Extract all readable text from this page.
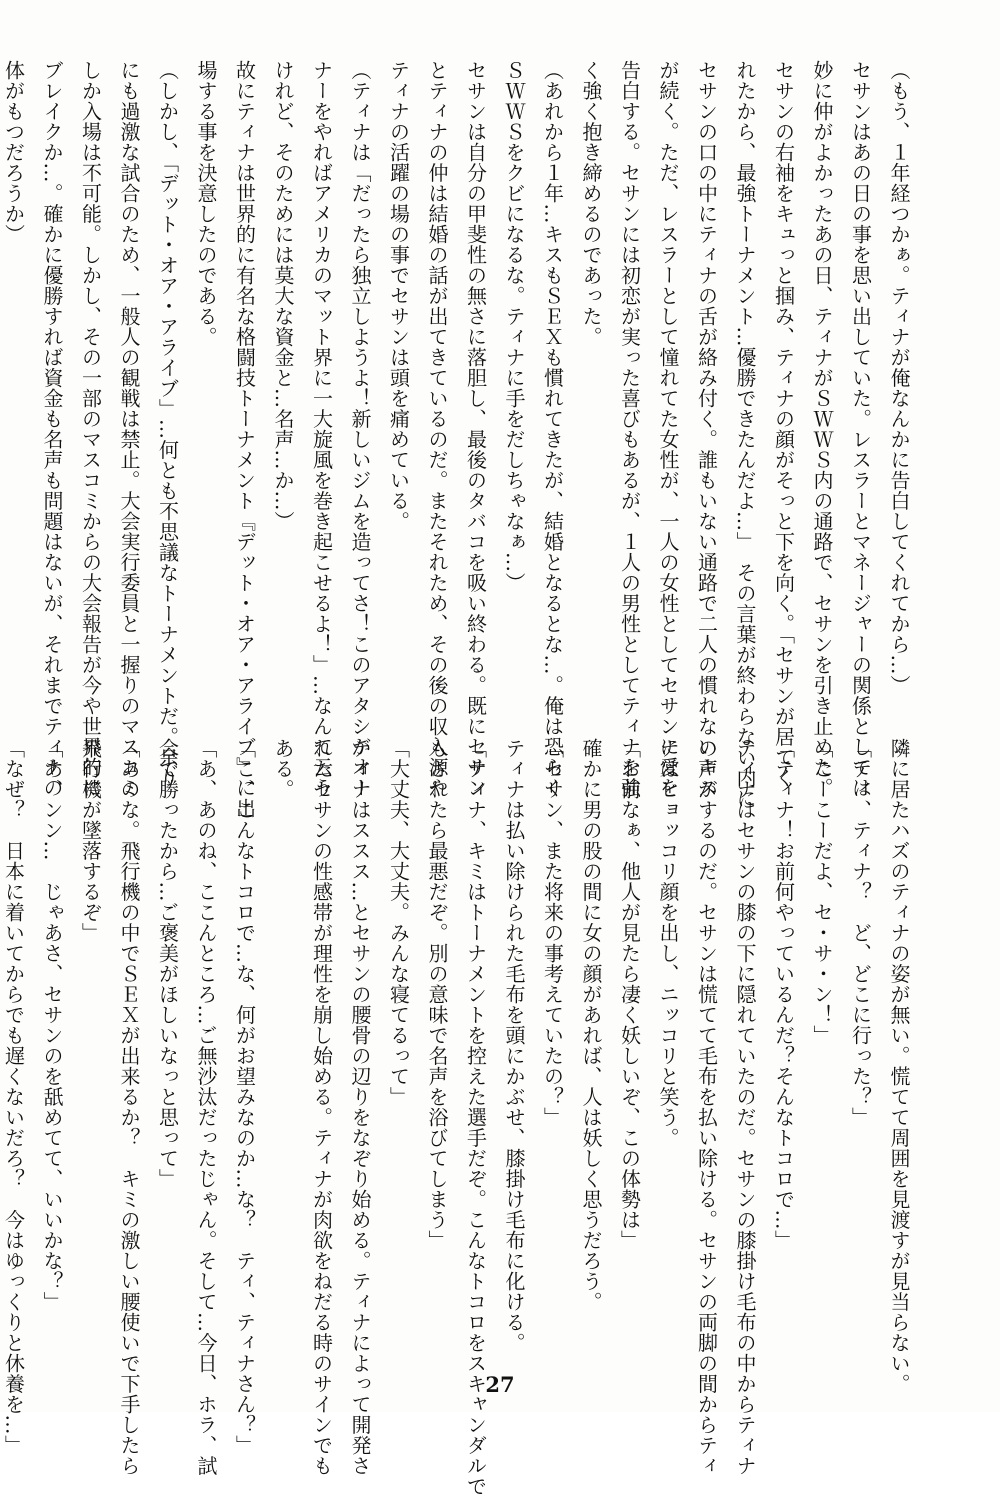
（もう、１年経つかぁ。ティナが俺なんかに告白してくれてから…）

セサンはあの日の事を思い出していた。レスラーとマネージャーの関係としては

妙に仲がよかったあの日、ティナがＳＷＷＳ内の通路で、セサンを引き止めた。

セサンの右袖をキュっと掴み、ティナの顔がそっと下を向く。「セサンが居てく

れたから、最強トーナメント…優勝できたんだよ…」　その言葉が終わらない内に

セサンの口の中にティナの舌が絡み付く。誰もいない通路で二人の慣れないキス

が続く。ただ、レスラーとして憧れてた女性が、一人の女性としてセサンに愛を

告白する。セサンには初恋が実った喜びもあるが、１人の男性としてティナを強

く強く抱き締めるのであった。

（あれから１年…キスもＳＥＸも慣れてきたが、結婚となるとな…。俺は恐らく

ＳＷＷＳをクビになるな。ティナに手をだしちゃなぁ…）

セサンは自分の甲斐性の無さに落胆し、最後のタバコを吸い終わる。既にセサン

とティナの仲は結婚の話が出てきているのだ。またそれため、その後の収入源や

ティナの活躍の場の事でセサンは頭を痛めている。

（ティナは「だったら独立しようよ！新しいジムを造ってさ！このアタシがオー

ナーをやればアメリカのマット界に一大旋風を巻き起こせるよ！」…なんて云う

けれど、そのためには莫大な資金と…名声…か…）

故にティナは世界的に有名な格闘技トーナメント『デット・オア・アライブ』に出

場する事を決意したのである。

（しかし、「デット・オア・アライブ」…何とも不思議なトーナメントだ。余り

にも過激な試合のため、一般人の観戦は禁止。大会実行委員と一握りのマスコミ

しか入場は不可能。しかし、その一部のマスコミからの大会報告が今や世界的に

ブレイクか…。確かに優勝すれば資金も名声も問題はないが、それまでティナの

体がもつだろうか）

隣に居たハズのティナの姿が無い。慌てて周囲を見渡すが見当らない。

「ティ、ティナ？　ど、どこに行った？」

「こーこーだよ、セ・サ・ン！」

「ティナ！お前何やっているんだ？そんなトコロで…」

ティナはセサンの膝の下に隠れていたのだ。セサンの膝掛け毛布の中からティナ

の声がするのだ。セサンは慌てて毛布を払い除ける。セサンの両脚の間からティ

ナはヒョッコリ顔を出し、ニッコリと笑う。

「お前なぁ、他人が見たら凄く妖しいぞ、この体勢は」

確かに男の股の間に女の顔があれば、人は妖しく思うだろう。

「セサン、また将来の事考えていたの？」

ティナは払い除けられた毛布を頭にかぶせ、膝掛け毛布に化ける。

「ティナ、キミはトーナメントを控えた選手だぞ。こんなトコロをスキャンダルで

もされたら最悪だぞ。別の意味で名声を浴びてしまう」

「大丈夫、大丈夫。みんな寝てるって」

ティナはススス…とセサンの腰骨の辺りをなぞり始める。ティナによって開発さ

れたセサンの性感帯が理性を崩し始める。ティナが肉欲をねだる時のサインでも

ある。

「こ、こんなトコロで…な、何がお望みなのか…な？　ティ、ティナさん？」

「あ、あのね、ここんところ…ご無沙汰だったじゃん。そして…今日、ホラ、試

合で勝ったから…ご褒美がほしいなっと思って」

「あのな。飛行機の中でＳＥＸが出来るか？　キミの激しい腰使いで下手したら

飛行機が墜落するぞ」

「あ、ンン…　じゃあさ、セサンのを舐めてて、いいかな？」

「なぜ？　日本に着いてからでも遅くないだろ？　今はゆっくりと休養を…」	27
